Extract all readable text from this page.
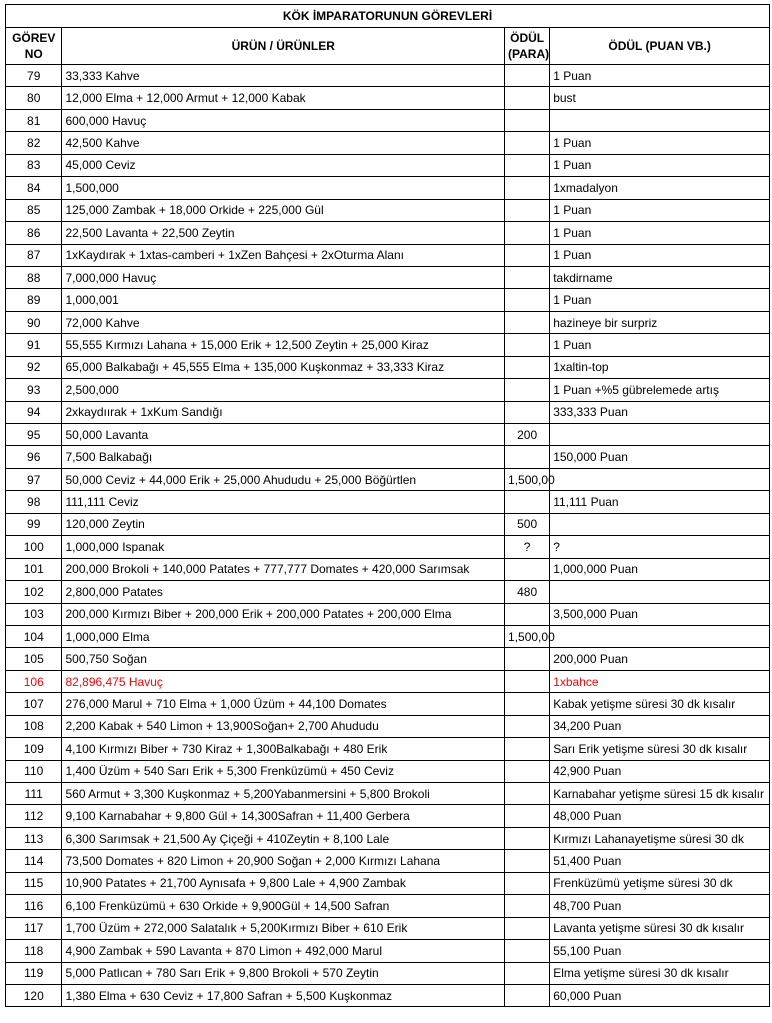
KÖK İMPARATORUNUN GÖREVLERİ			
GÖREV NO	ÜRÜN / ÜRÜNLER	ÖDÜL (PARA)	ÖDÜL (PUAN VB.)
79	33,333 Kahve		1 Puan
80	12,000 Elma + 12,000 Armut + 12,000 Kabak		bust
81	600,000 Havuç		
82	42,500 Kahve		1 Puan
83	45,000 Ceviz		1 Puan
84	1,500,000		1xmadalyon
85	125,000 Zambak + 18,000 Orkide + 225,000 Gül		1 Puan
86	22,500 Lavanta + 22,500 Zeytin		1 Puan
87	1xKaydırak + 1xtas-camberi + 1xZen Bahçesi + 2xOturma Alanı		1 Puan
88	7,000,000 Havuç		takdirname
89	1,000,001		1 Puan
90	72,000 Kahve		hazineye bir surpriz
91	55,555 Kırmızı Lahana + 15,000 Erik + 12,500 Zeytin + 25,000 Kiraz		1 Puan
92	65,000 Balkabağı + 45,555 Elma + 135,000 Kuşkonmaz + 33,333 Kiraz		1xaltin-top
93	2,500,000		1 Puan +%5 gübrelemede artış
94	2xkaydıırak + 1xKum Sandığı		333,333 Puan
95	50,000 Lavanta	200	
96	7,500 Balkabağı		150,000 Puan
97	50,000 Ceviz + 44,000 Erik + 25,000 Ahududu + 25,000 Böğürtlen	1,500,00	
98	111,111 Ceviz		11,111 Puan
99	120,000 Zeytin	500	
100	1,000,000 Ispanak	?	?
101	200,000 Brokoli + 140,000 Patates + 777,777 Domates + 420,000 Sarımsak		1,000,000 Puan
102	2,800,000 Patates	480	
103	200,000 Kırmızı Biber + 200,000 Erik + 200,000 Patates + 200,000 Elma		3,500,000 Puan
104	1,000,000 Elma	1,500,00	
105	500,750 Soğan		200,000 Puan
106	82,896,475 Havuç		1xbahce
107	276,000 Marul + 710 Elma + 1,000 Üzüm + 44,100 Domates		Kabak yetişme süresi 30 dk kısalır
108	2,200 Kabak + 540 Limon + 13,900Soğan+ 2,700 Ahududu		34,200 Puan
109	4,100 Kırmızı Biber + 730 Kiraz + 1,300Balkabağı + 480 Erik		Sarı Erik yetişme süresi 30 dk kısalır
110	1,400 Üzüm + 540 Sarı Erik + 5,300 Frenküzümü + 450 Ceviz		42,900 Puan
111	560 Armut + 3,300 Kuşkonmaz + 5,200Yabanmersini + 5,800 Brokoli		Karnabahar yetişme süresi 15 dk kısalır
112	9,100 Karnabahar + 9,800 Gül + 14,300Safran + 11,400 Gerbera		48,000 Puan
113	6,300 Sarımsak + 21,500 Ay Çiçeği + 410Zeytin + 8,100 Lale		Kırmızı Lahanayetişme süresi 30 dk
114	73,500 Domates + 820 Limon + 20,900 Soğan + 2,000 Kırmızı Lahana		51,400 Puan
115	10,900 Patates + 21,700 Aynısafa + 9,800 Lale + 4,900 Zambak		Frenküzümü yetişme süresi 30 dk
116	6,100 Frenküzümü + 630 Orkide + 9,900Gül + 14,500 Safran		48,700 Puan
117	1,700 Üzüm + 272,000 Salatalık + 5,200Kırmızı Biber + 610 Erik		Lavanta yetişme süresi 30 dk kısalır
118	4,900 Zambak + 590 Lavanta + 870 Limon + 492,000 Marul		55,100 Puan
119	5,000 Patlıcan + 780 Sarı Erik + 9,800 Brokoli + 570 Zeytin		Elma yetişme süresi 30 dk kısalır
120	1,380 Elma + 630 Ceviz + 17,800 Safran + 5,500 Kuşkonmaz		60,000 Puan
